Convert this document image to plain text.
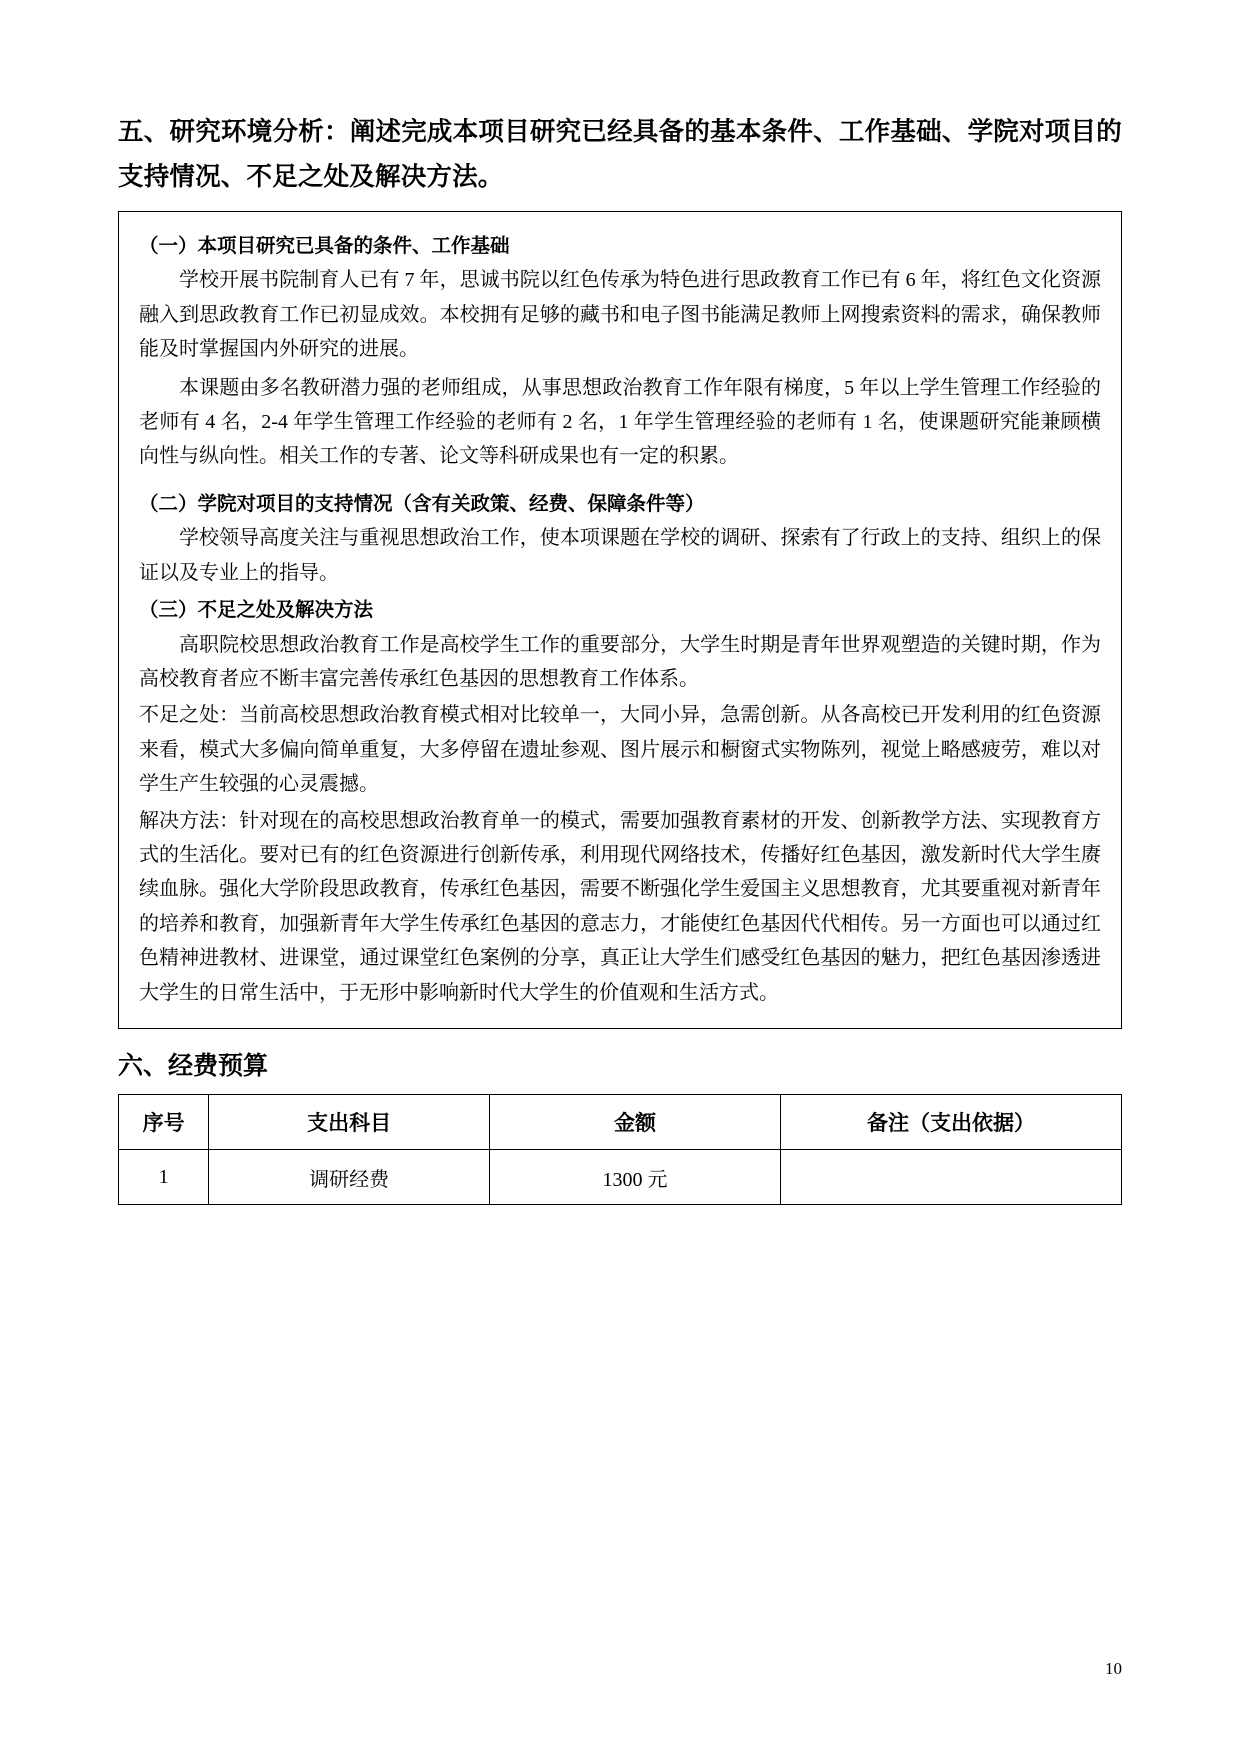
五、研究环境分析：阐述完成本项目研究已经具备的基本条件、工作基础、学院对项目的支持情况、不足之处及解决方法。
（一）本项目研究已具备的条件、工作基础

学校开展书院制育人已有 7 年，思诚书院以红色传承为特色进行思政教育工作已有 6 年，将红色文化资源融入到思政教育工作已初显成效。本校拥有足够的藏书和电子图书能满足教师上网搜索资料的需求，确保教师能及时掌握国内外研究的进展。

本课题由多名教研潜力强的老师组成，从事思想政治教育工作年限有梯度，5 年以上学生管理工作经验的老师有 4 名，2-4 年学生管理工作经验的老师有 2 名，1 年学生管理经验的老师有 1 名，使课题研究能兼顾横向性与纵向性。相关工作的专著、论文等科研成果也有一定的积累。

（二）学院对项目的支持情况（含有关政策、经费、保障条件等）

学校领导高度关注与重视思想政治工作，使本项课题在学校的调研、探索有了行政上的支持、组织上的保证以及专业上的指导。

（三）不足之处及解决方法

高职院校思想政治教育工作是高校学生工作的重要部分，大学生时期是青年世界观塑造的关键时期，作为高校教育者应不断丰富完善传承红色基因的思想教育工作体系。

不足之处：当前高校思想政治教育模式相对比较单一，大同小异，急需创新。从各高校已开发利用的红色资源来看，模式大多偏向简单重复，大多停留在遗址参观、图片展示和橱窗式实物陈列，视觉上略感疲劳，难以对学生产生较强的心灵震撼。

解决方法：针对现在的高校思想政治教育单一的模式，需要加强教育素材的开发、创新教学方法、实现教育方式的生活化。要对已有的红色资源进行创新传承，利用现代网络技术，传播好红色基因，激发新时代大学生赓续血脉。强化大学阶段思政教育，传承红色基因，需要不断强化学生爱国主义思想教育，尤其要重视对新青年的培养和教育，加强新青年大学生传承红色基因的意志力，才能使红色基因代代相传。另一方面也可以通过红色精神进教材、进课堂，通过课堂红色案例的分享，真正让大学生们感受红色基因的魅力，把红色基因渗透进大学生的日常生活中，于无形中影响新时代大学生的价值观和生活方式。

六、经费预算
序号	支出科目	金额	备注（支出依据）
1	调研经费	1300 元	
10
